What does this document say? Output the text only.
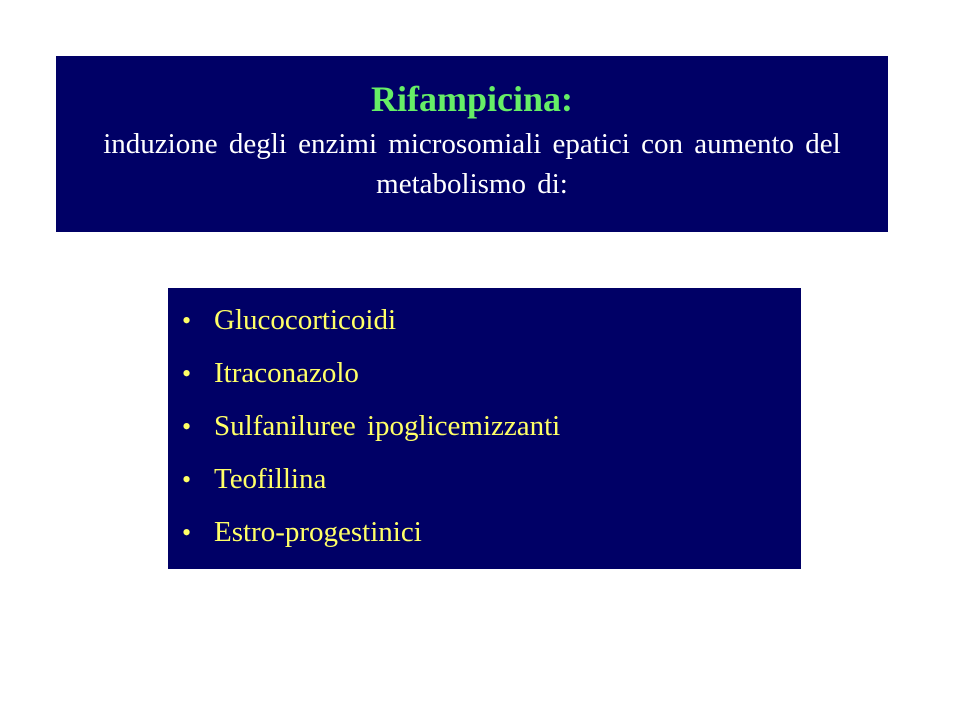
Rifampicina:
induzione degli enzimi microsomiali epatici con aumento del metabolismo di:
• Glucocorticoidi
• Itraconazolo
• Sulfaniluree ipoglicemizzanti
• Teofillina
• Estro-progestinici
